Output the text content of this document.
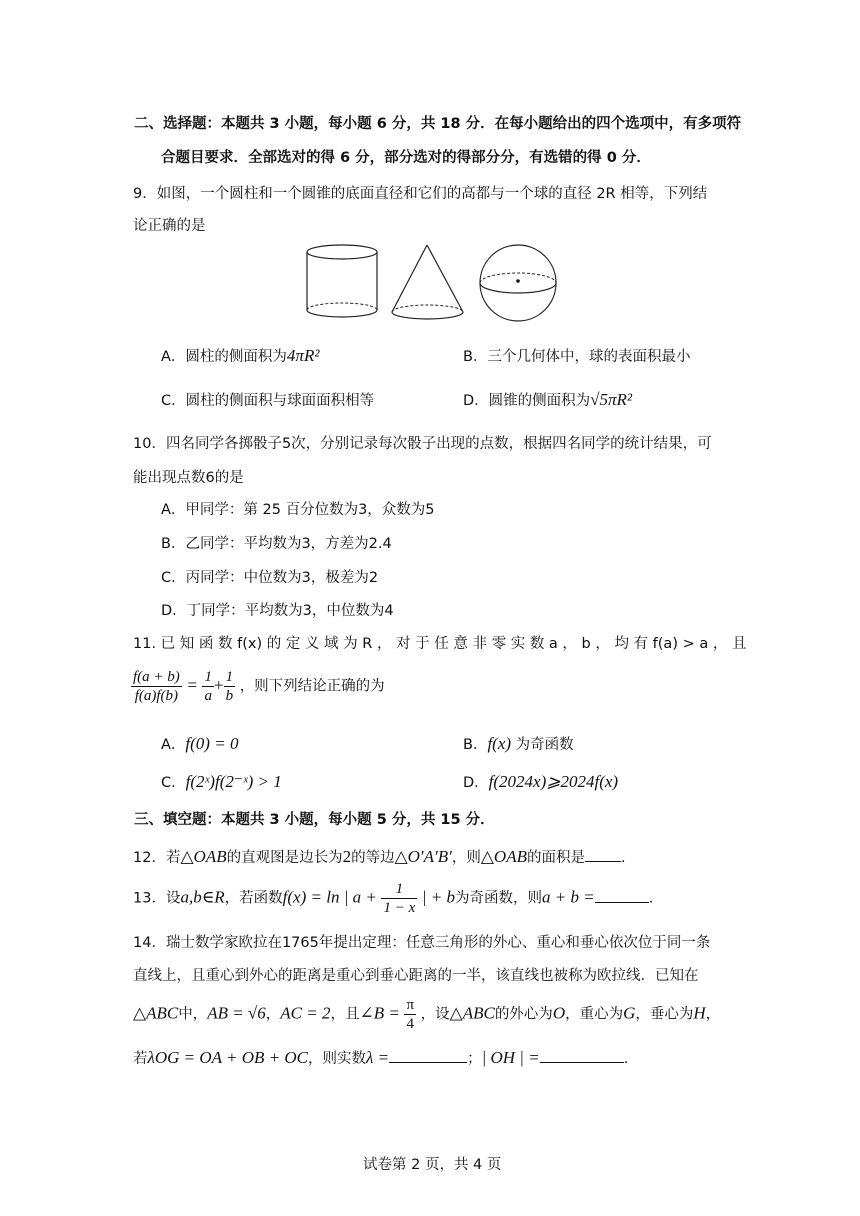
二、选择题：本题共 3 小题，每小题 6 分，共 18 分．在每小题给出的四个选项中，有多项符
合题目要求．全部选对的得 6 分，部分选对的得部分分，有选错的得 0 分．
9．如图，一个圆柱和一个圆锥的底面直径和它们的高都与一个球的直径 2R 相等，下列结
论正确的是
A．圆柱的侧面积为4πR²	B．三个几何体中，球的表面积最小
C．圆柱的侧面积与球面面积相等	D．圆锥的侧面积为√5πR²
10．四名同学各掷骰子5次，分别记录每次骰子出现的点数，根据四名同学的统计结果，可
能出现点数6的是
A．甲同学：第 25 百分位数为3，众数为5
B．乙同学：平均数为3，方差为2.4
C．丙同学：中位数为3，极差为2
D．丁同学：平均数为3，中位数为4
11. 已 知 函 数 f(x) 的 定 义 域 为 R ， 对 于 任 意 非 零 实 数 a ， b ， 均 有 f(a) > a ， 且
$\frac{f(a + b)}{f(a)f(b)} = \frac{1}{a} + \frac{1}{b}$ ，则下列结论正确的为
A．f(0) = 0	B．f(x) 为奇函数
C．f(2ˣ)f(2⁻ˣ) > 1	D．f(2024x)⩾2024f(x)
三、填空题：本题共 3 小题，每小题 5 分，共 15 分．
12．若△OAB的直观图是边长为2的等边△O′A′B′，则△OAB的面积是 .
13．设a,b∈R，若函数f(x) = ln | $a + \frac{1}{1 - x}$ | + b为奇函数，则a + b =	.
14．瑞士数学家欧拉在1765年提出定理：任意三角形的外心、重心和垂心依次位于同一条
直线上，且重心到外心的距离是重心到垂心距离的一半，该直线也被称为欧拉线．已知在
△ABC中，AB = √6，AC = 2，且∠B = $\frac{\pi}{4}$ ，设△ABC的外心为O，重心为G，垂心为H，
若λOG = OA + OB + OC，则实数λ =	；| OH | =	.
试卷第 2 页，共 4 页
